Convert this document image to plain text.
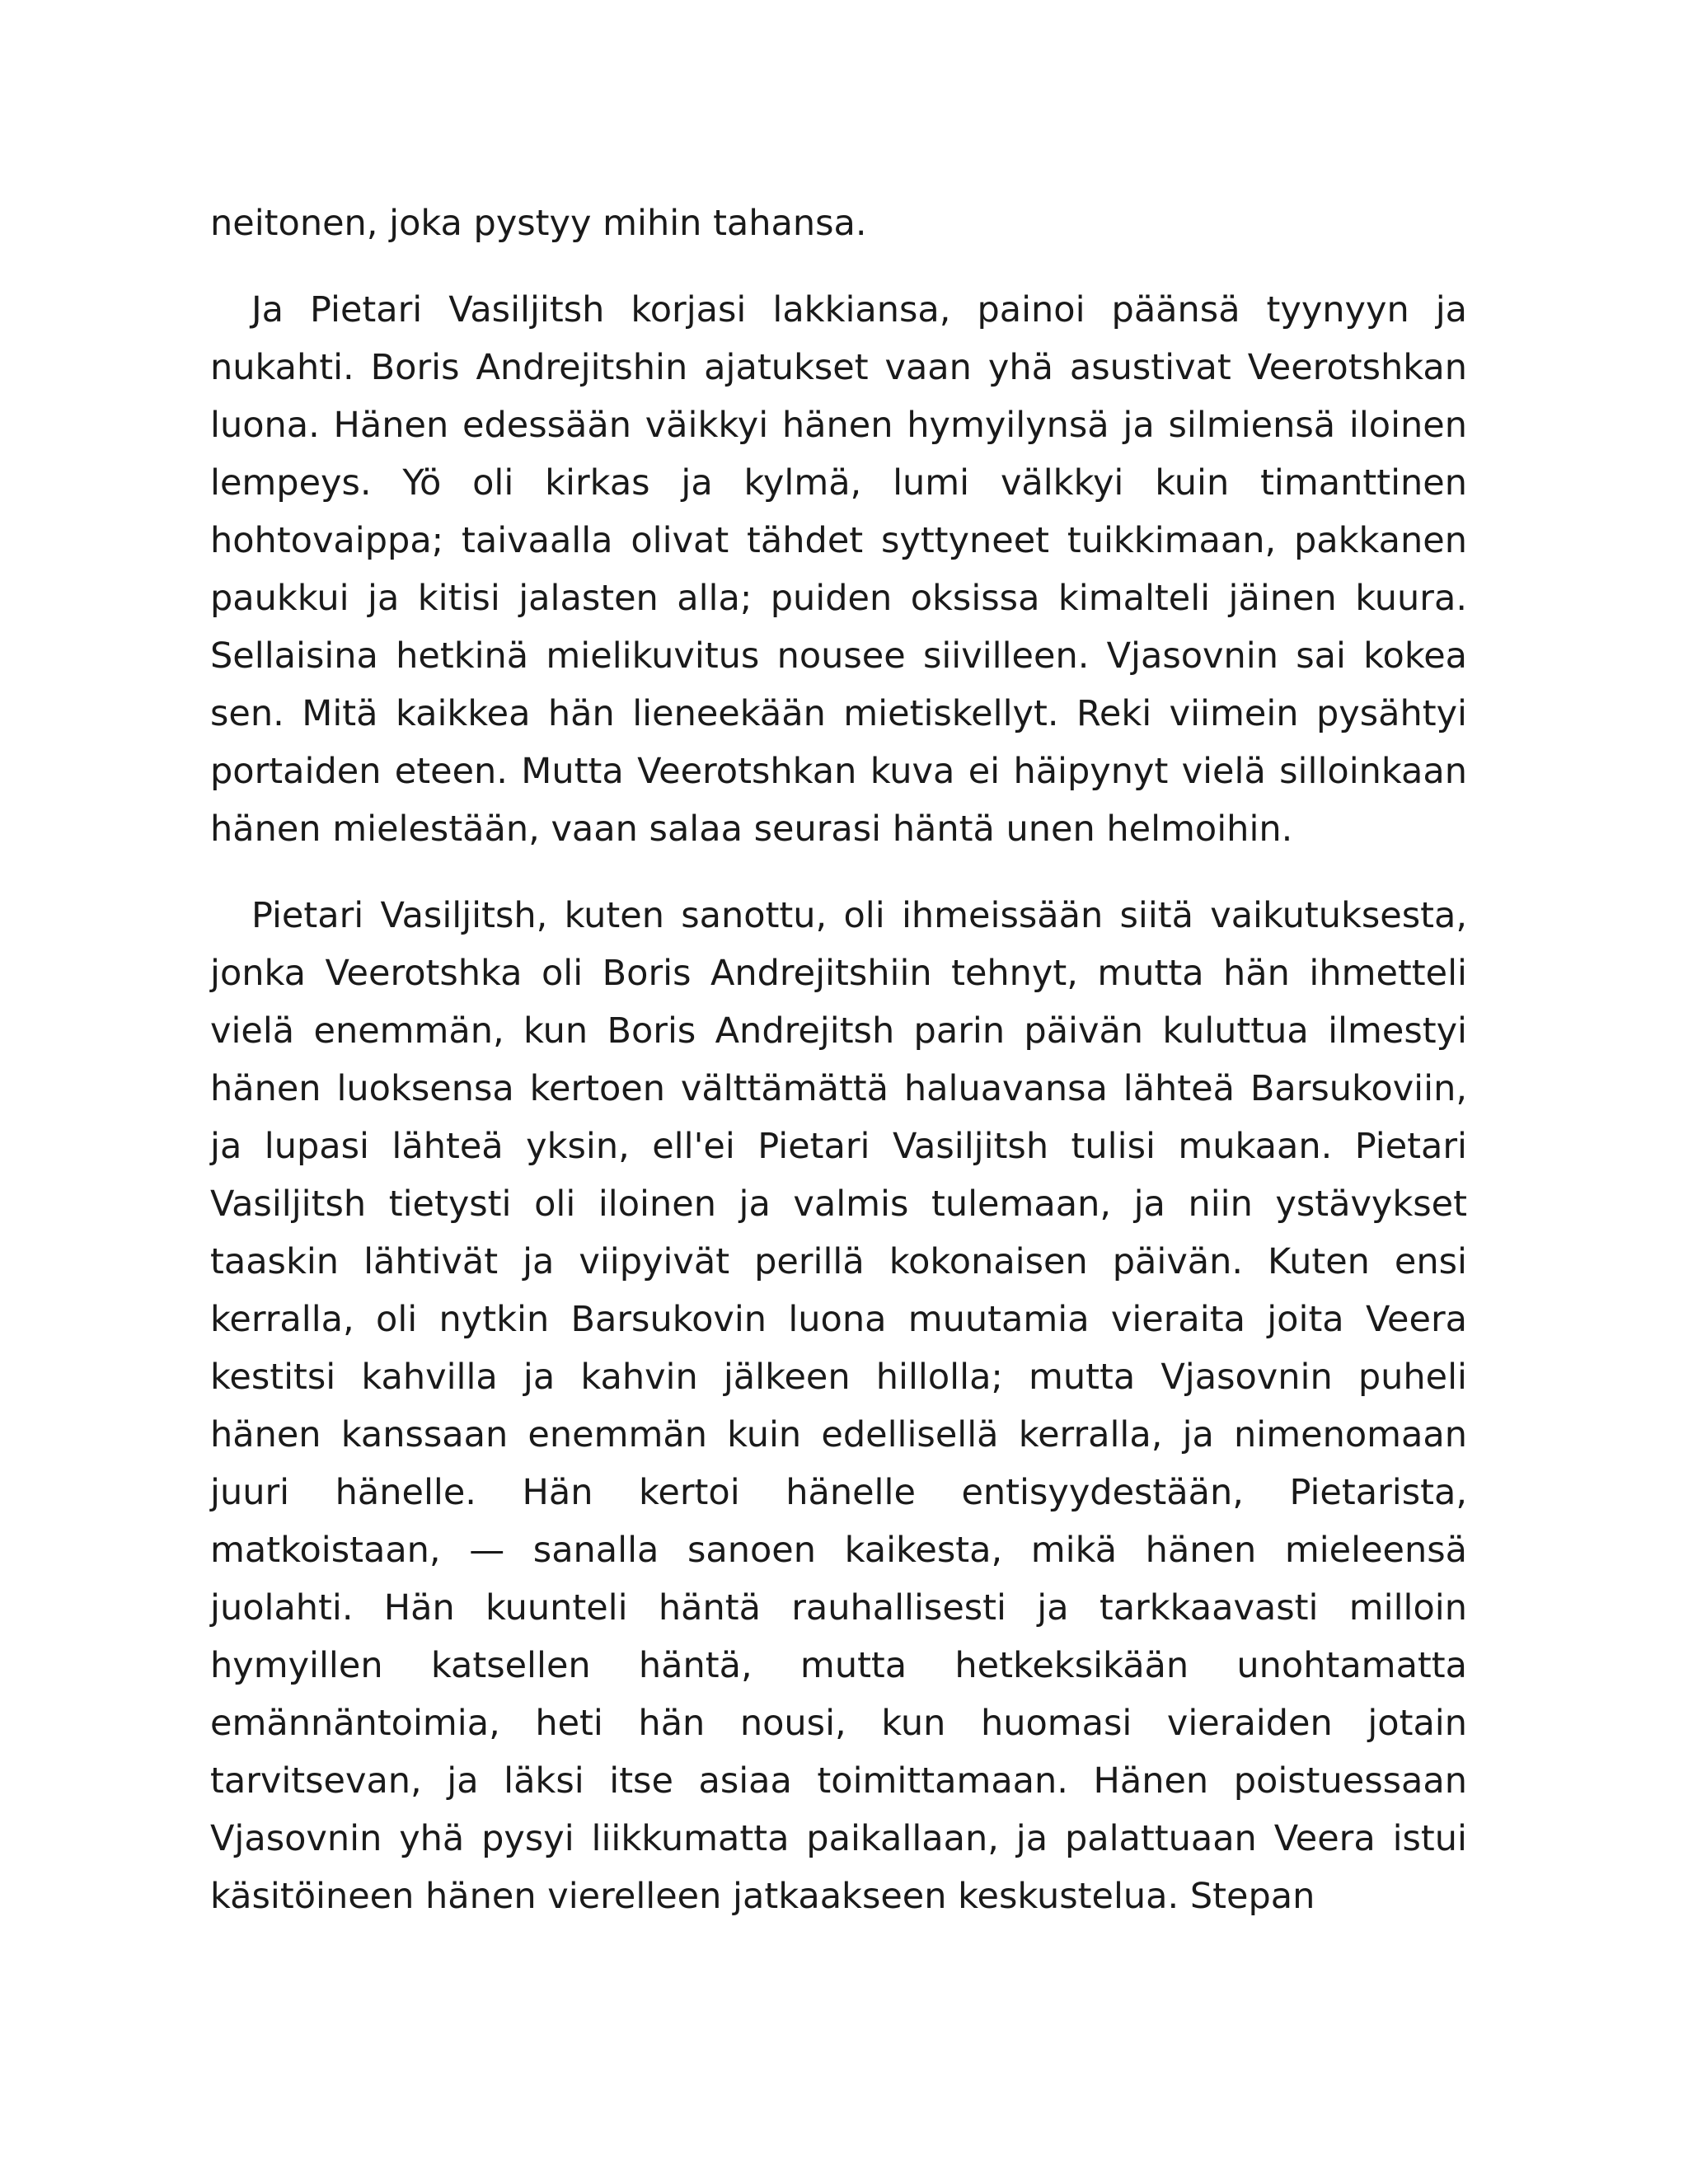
neitonen, joka pystyy mihin tahansa.

Ja Pietari Vasiljitsh korjasi lakkiansa, painoi päänsä tyynyyn ja nukahti. Boris Andrejitshin ajatukset vaan yhä asustivat Veerotshkan luona. Hänen edessään väikkyi hänen hymyilynsä ja silmiensä iloinen lempeys. Yö oli kirkas ja kylmä, lumi välkkyi kuin timanttinen hohtovaippa; taivaalla olivat tähdet syttyneet tuikkimaan, pakkanen paukkui ja kitisi jalasten alla; puiden oksissa kimalteli jäinen kuura. Sellaisina hetkinä mielikuvitus nousee siivilleen. Vjasovnin sai kokea sen. Mitä kaikkea hän lieneekään mietiskellyt. Reki viimein pysähtyi portaiden eteen. Mutta Veerotshkan kuva ei häipynyt vielä silloinkaan hänen mielestään, vaan salaa seurasi häntä unen helmoihin.

Pietari Vasiljitsh, kuten sanottu, oli ihmeissään siitä vaikutuksesta, jonka Veerotshka oli Boris Andrejitshiin tehnyt, mutta hän ihmetteli vielä enemmän, kun Boris Andrejitsh parin päivän kuluttua ilmestyi hänen luoksensa kertoen välttämättä haluavansa lähteä Barsukoviin, ja lupasi lähteä yksin, ell'ei Pietari Vasiljitsh tulisi mukaan. Pietari Vasiljitsh tietysti oli iloinen ja valmis tulemaan, ja niin ystävykset taaskin lähtivät ja viipyivät perillä kokonaisen päivän. Kuten ensi kerralla, oli nytkin Barsukovin luona muutamia vieraita joita Veera kestitsi kahvilla ja kahvin jälkeen hillolla; mutta Vjasovnin puheli hänen kanssaan enemmän kuin edellisellä kerralla, ja nimenomaan juuri hänelle. Hän kertoi hänelle entisyydestään, Pietarista, matkoistaan, — sanalla sanoen kaikesta, mikä hänen mieleensä juolahti. Hän kuunteli häntä rauhallisesti ja tarkkaavasti milloin hymyillen katsellen häntä, mutta hetkeksikään unohtamatta emännäntoimia, heti hän nousi, kun huomasi vieraiden jotain tarvitsevan, ja läksi itse asiaa toimittamaan. Hänen poistuessaan Vjasovnin yhä pysyi liikkumatta paikallaan, ja palattuaan Veera istui käsitöineen hänen vierelleen jatkaakseen keskustelua. Stepan
